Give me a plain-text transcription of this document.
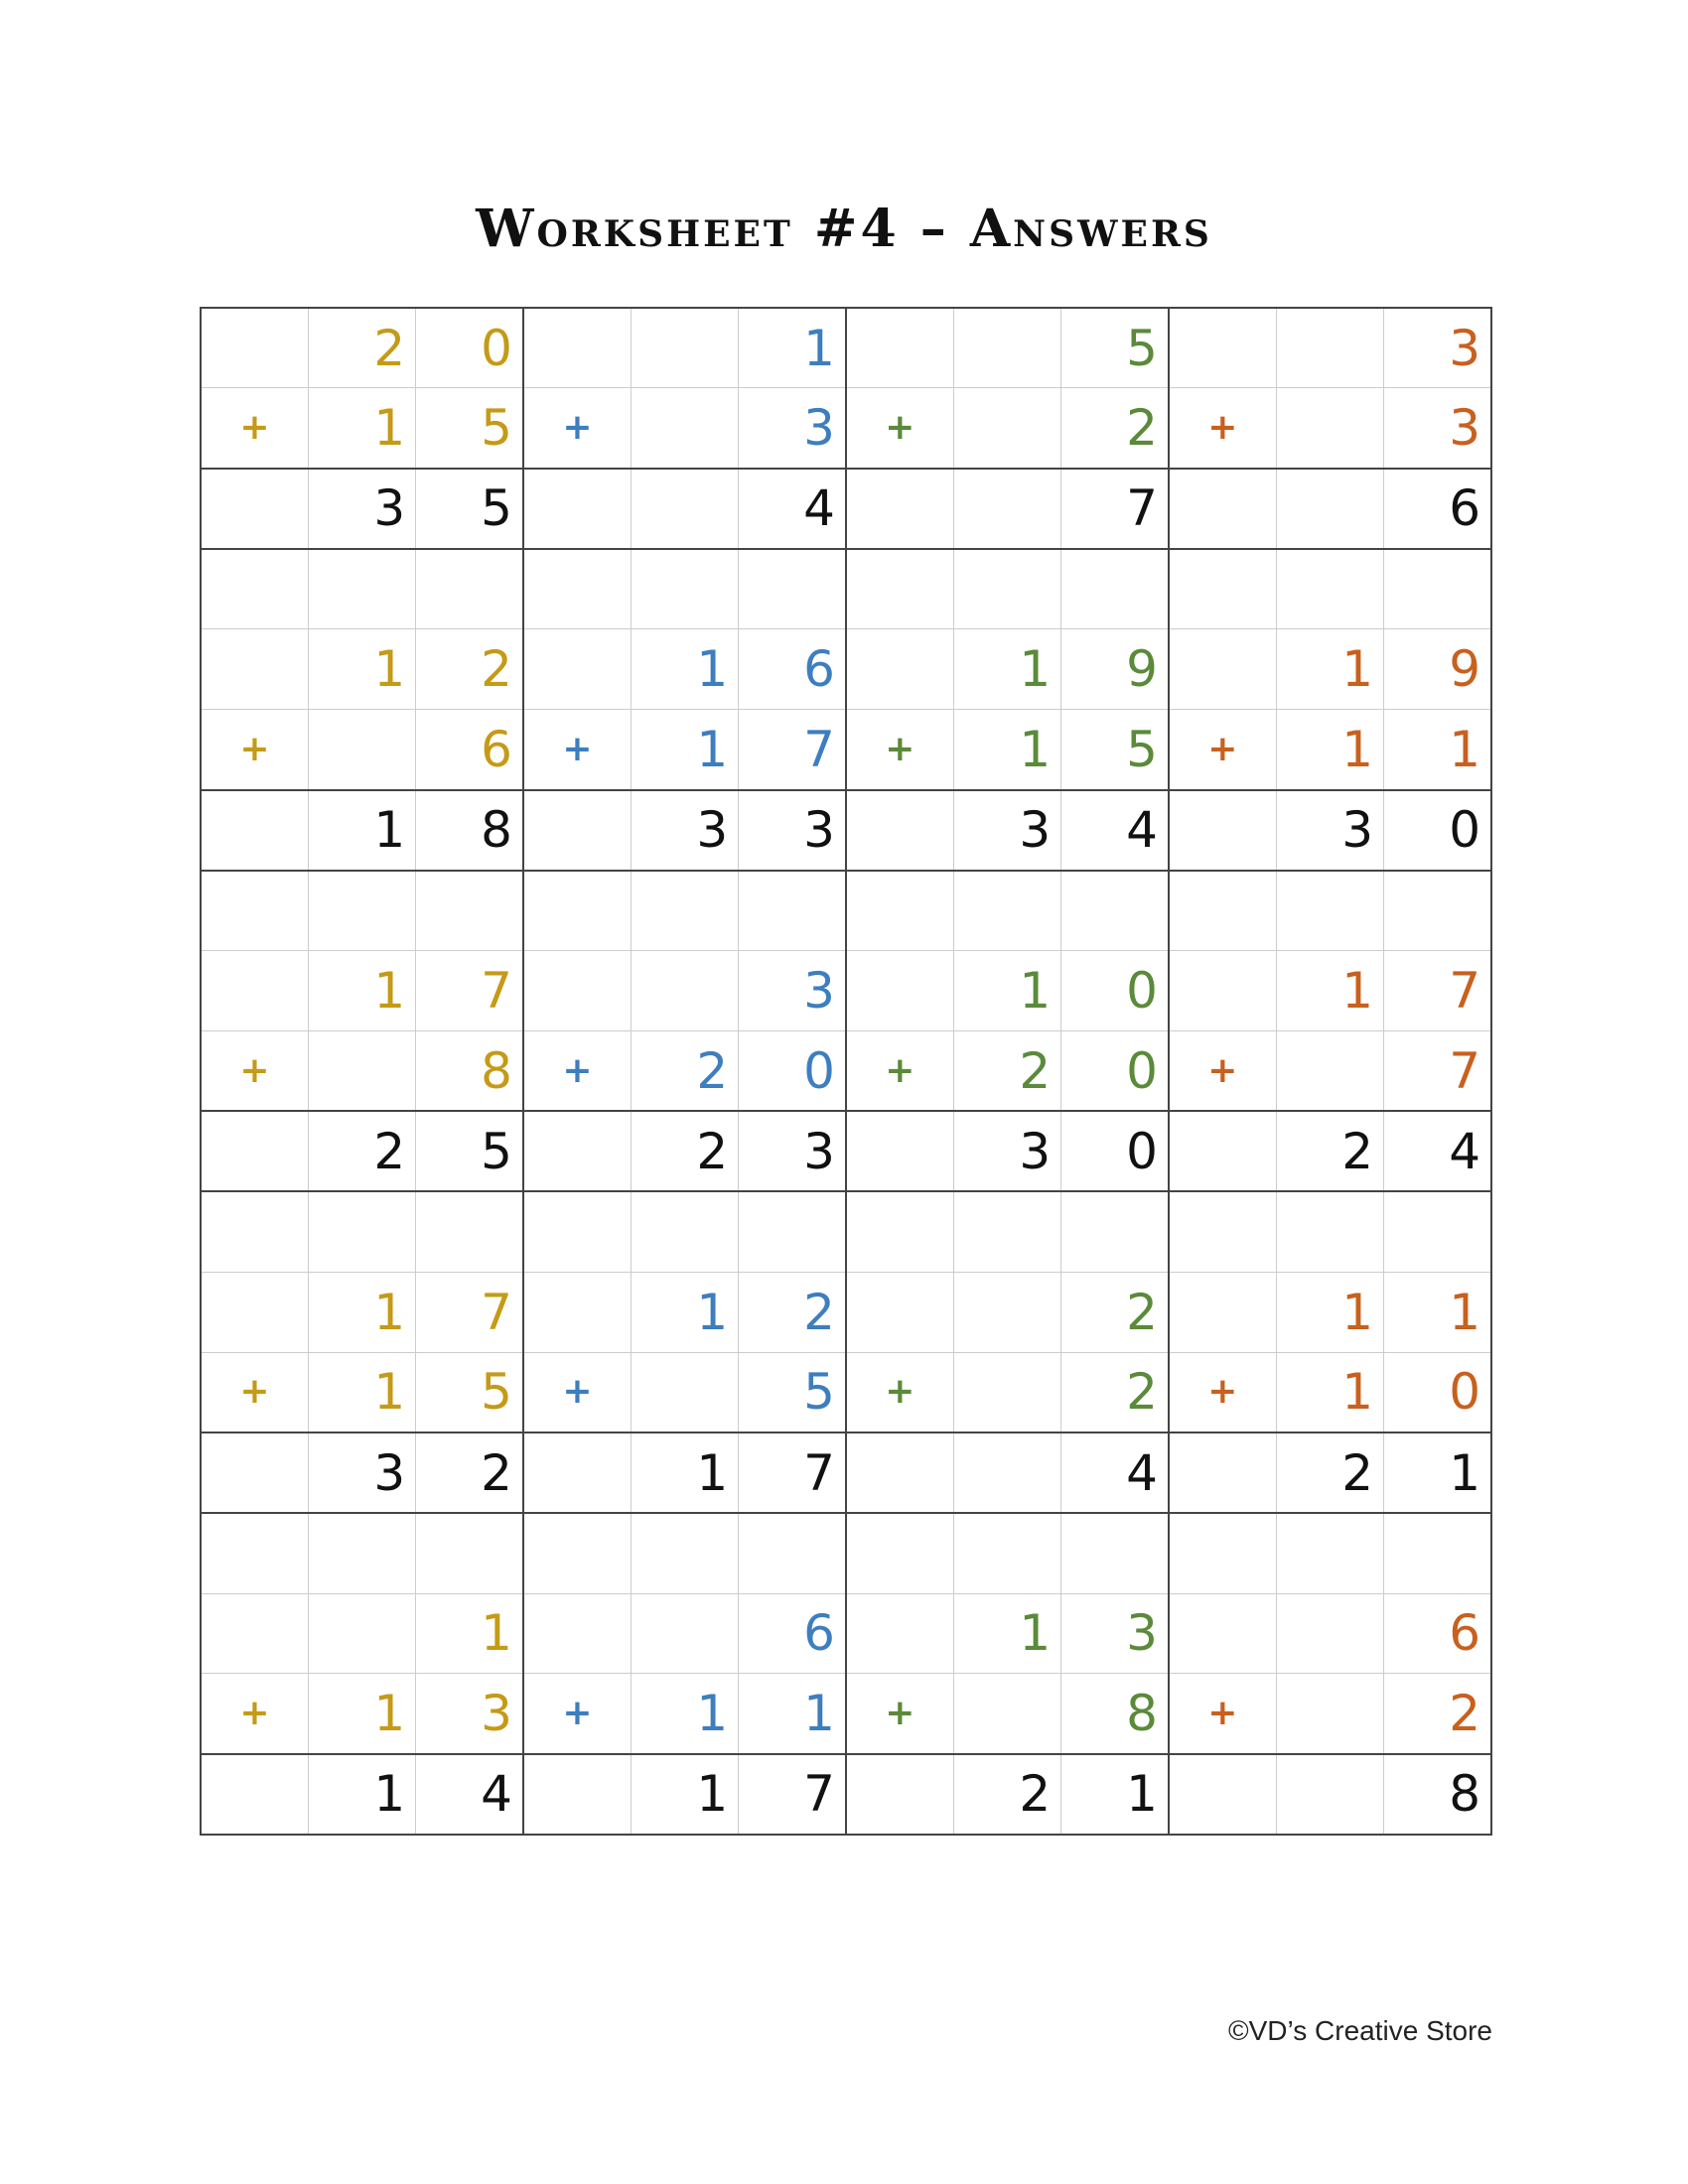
Worksheet #4 – Answers
	2	0			1			5			3
+	1	5	+		3	+		2	+		3
	3	5			4			7			6

	1	2		1	6		1	9		1	9
+		6	+	1	7	+	1	5	+	1	1
	1	8		3	3		3	4		3	0

	1	7			3		1	0		1	7
+		8	+	2	0	+	2	0	+		7
	2	5		2	3		3	0		2	4

	1	7		1	2			2		1	1
+	1	5	+		5	+		2	+	1	0
	3	2		1	7			4		2	1

		1			6		1	3			6
+	1	3	+	1	1	+		8	+		2
	1	4		1	7		2	1			8
©VD’s Creative Store
